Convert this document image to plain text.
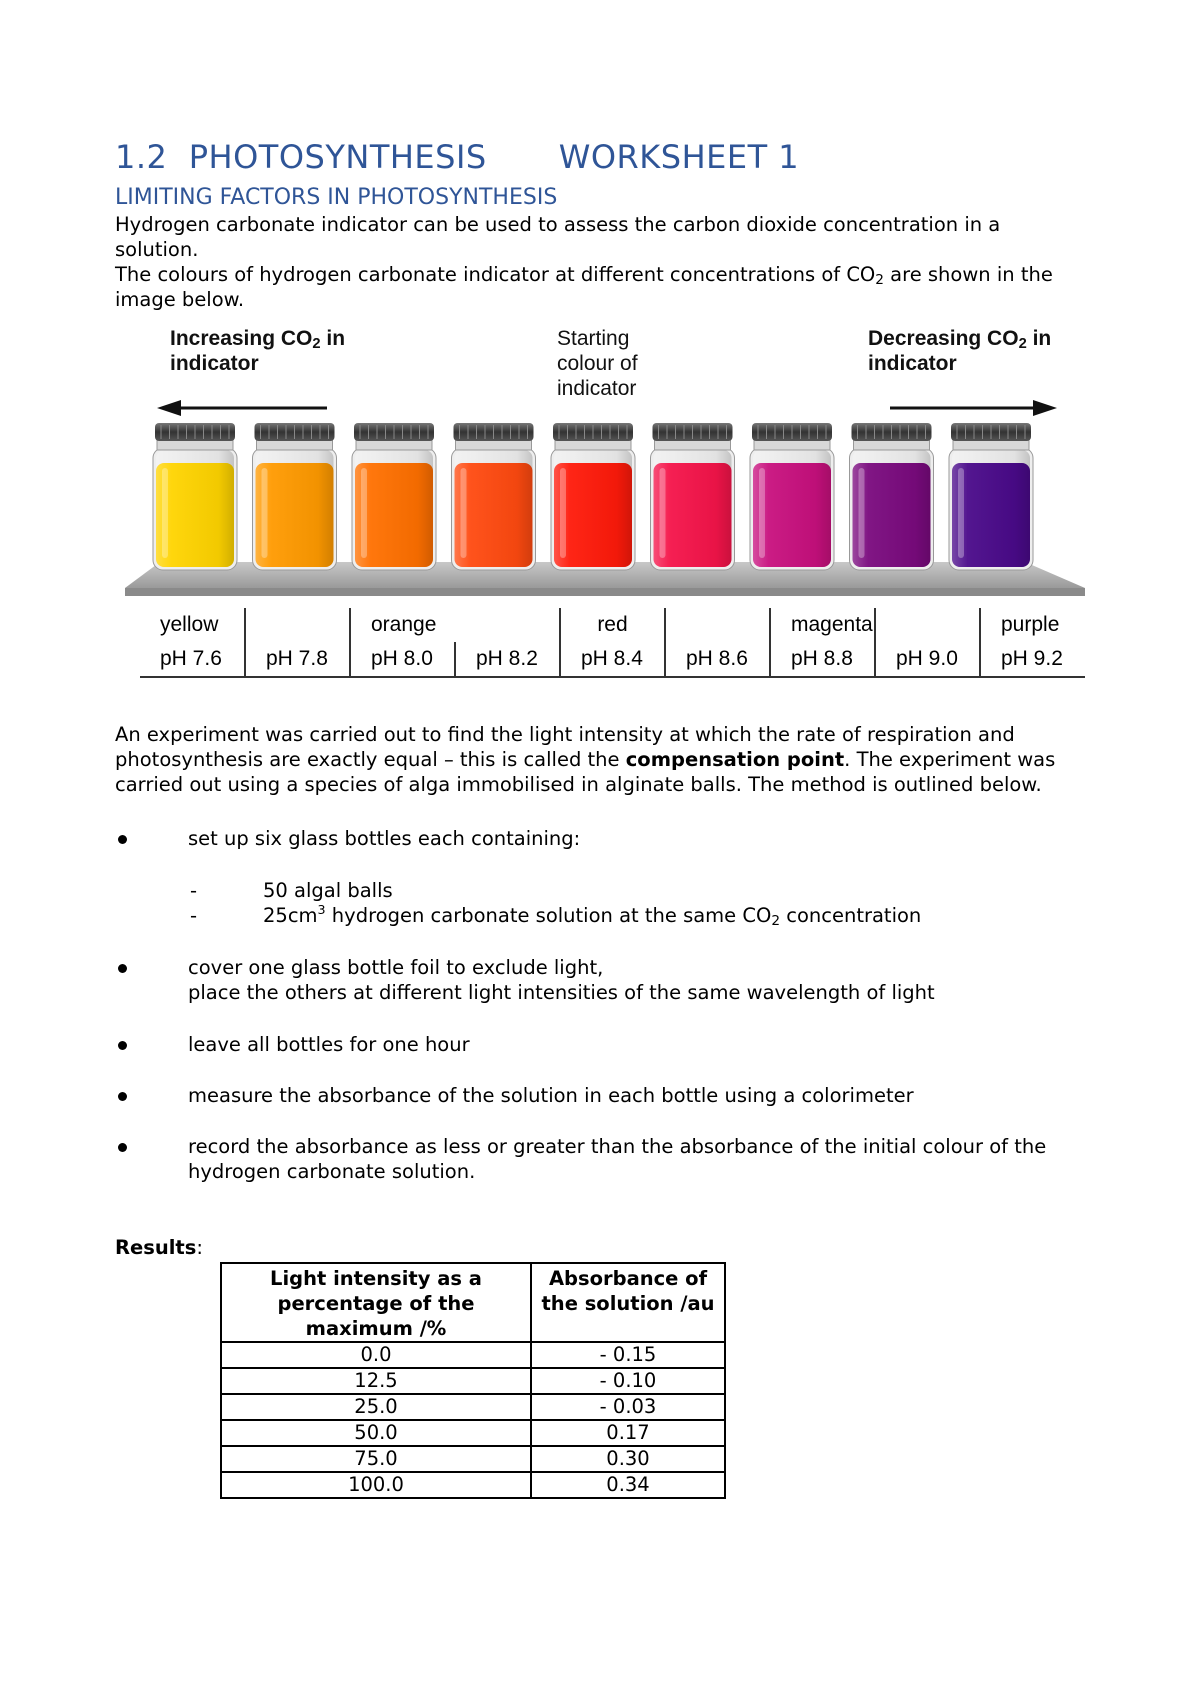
1.2 PHOTOSYNTHESIS WORKSHEET 1
LIMITING FACTORS IN PHOTOSYNTHESIS
Hydrogen carbonate indicator can be used to assess the carbon dioxide concentration in a solution.
The colours of hydrogen carbonate indicator at different concentrations of $CO_2$ are shown in the image below.
Increasing $CO_2$ in
indicator
Starting
colour of
indicator
Decreasing $CO_2$ in
indicator
yellow		orange		red		magenta		purple
pH 7.6	pH 7.8	pH 8.0	pH 8.2	pH 8.4	pH 8.6	pH 8.8	pH 9.0	pH 9.2
An experiment was carried out to find the light intensity at which the rate of respiration and photosynthesis are exactly equal – this is called the compensation point. The experiment was carried out using a species of alga immobilised in alginate balls. The method is outlined below.
set up six glass bottles each containing:
-	50 algal balls
-	$25cm^3$ hydrogen carbonate solution at the same $CO_2$ concentration
cover one glass bottle foil to exclude light,
place the others at different light intensities of the same wavelength of light
leave all bottles for one hour
measure the absorbance of the solution in each bottle using a colorimeter
record the absorbance as less or greater than the absorbance of the initial colour of the hydrogen carbonate solution.
Results:
Light intensity as a percentage of the maximum /%	Absorbance of the solution /au
0.0	- 0.15
12.5	- 0.10
25.0	- 0.03
50.0	0.17
75.0	0.30
100.0	0.34
